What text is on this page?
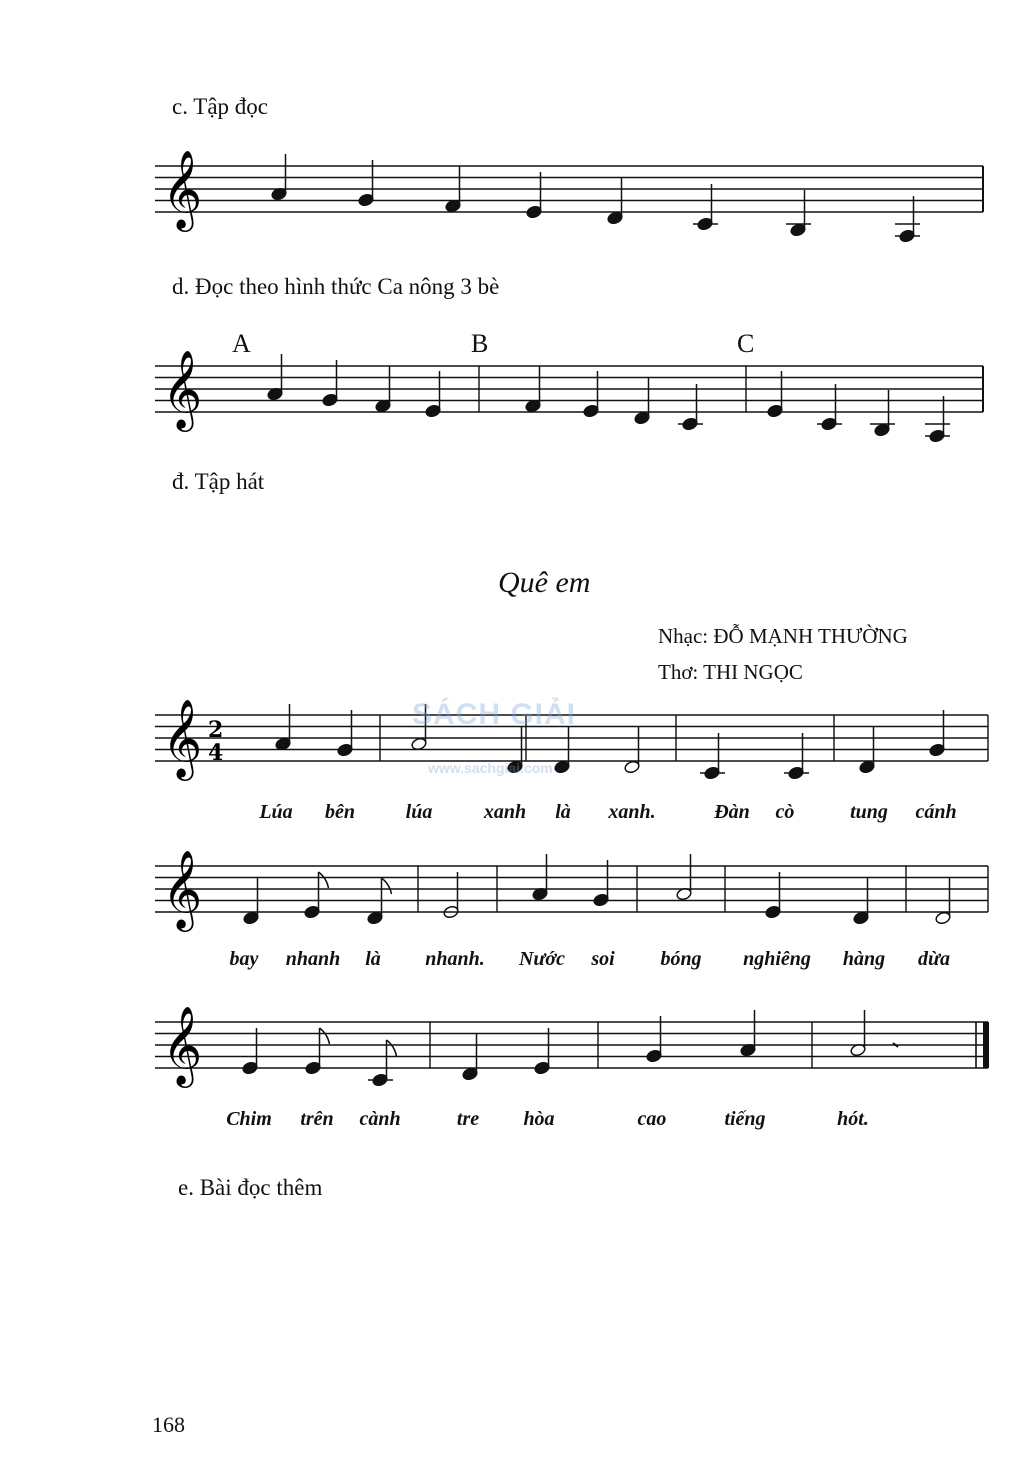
c. Tập đọc
d. Đọc theo hình thức Ca nông 3 bè
đ. Tập hát
e. Bài đọc thêm
A	B	C
Quê em
Nhạc: ĐỖ MẠNH THƯỜNG
Thơ: THI NGỌC
𝄞
𝄞
𝄞 2
4
Lúa bên	lúa	xanh là xanh.	Đàn cò	tung cánh
𝄞
bay nhanh là nhanh. Nước soi bóng nghiêng hàng dừa
𝄞
Chim trên cành	tre hòa	cao	tiếng	hót.
SÁCH GIẢI
www.sachgiai.com
168
